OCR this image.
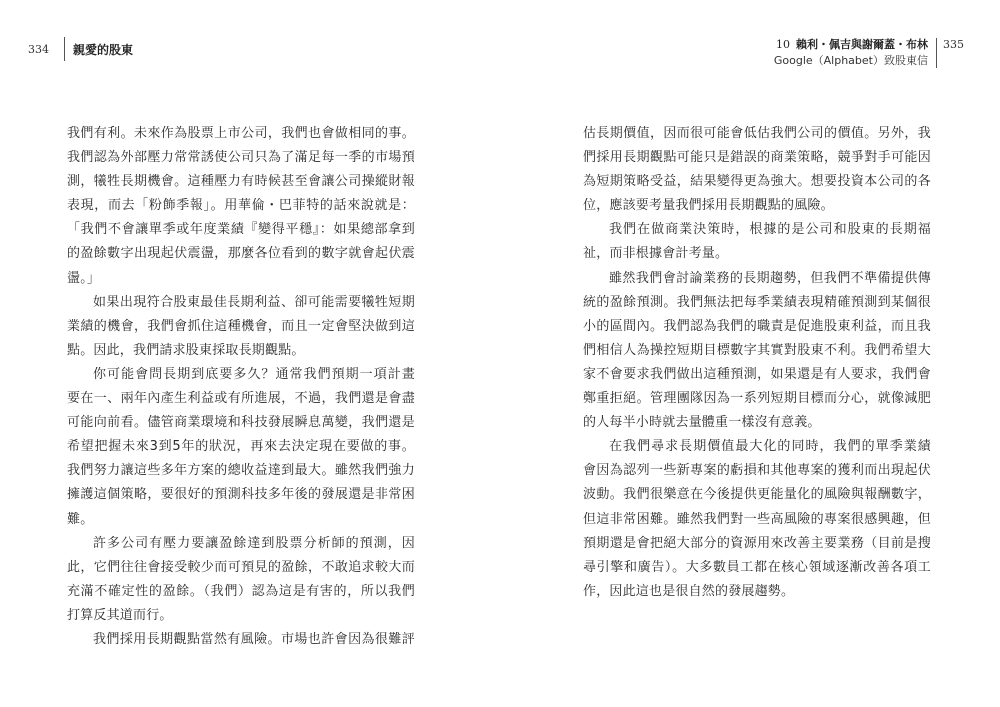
334	親愛的股東	10 賴利・佩吉與謝爾蓋・布林
Google（Alphabet）致股東信
335
我們有利。未來作為股票上市公司，我們也會做相同的事。
我們認為外部壓力常常誘使公司只為了滿足每一季的市場預
測，犧牲長期機會。這種壓力有時候甚至會讓公司操縱財報
表現，而去「粉飾季報」。用華倫・巴菲特的話來說就是：
「我們不會讓單季或年度業績『變得平穩』：如果總部拿到
的盈餘數字出現起伏震盪，那麼各位看到的數字就會起伏震
盪。」
如果出現符合股東最佳長期利益、卻可能需要犧牲短期
業績的機會，我們會抓住這種機會，而且一定會堅決做到這
點。因此，我們請求股東採取長期觀點。
你可能會問長期到底要多久？通常我們預期一項計畫
要在一、兩年內產生利益或有所進展，不過，我們還是會盡
可能向前看。儘管商業環境和科技發展瞬息萬變，我們還是
希望把握未來3到5年的狀況，再來去決定現在要做的事。
我們努力讓這些多年方案的總收益達到最大。雖然我們強力
擁護這個策略，要很好的預測科技多年後的發展還是非常困
難。
許多公司有壓力要讓盈餘達到股票分析師的預測，因
此，它們往往會接受較少而可預見的盈餘，不敢追求較大而
充滿不確定性的盈餘。（我們）認為這是有害的，所以我們
打算反其道而行。
我們採用長期觀點當然有風險。市場也許會因為很難評
估長期價值，因而很可能會低估我們公司的價值。另外，我
們採用長期觀點可能只是錯誤的商業策略，競爭對手可能因
為短期策略受益，結果變得更為強大。想要投資本公司的各
位，應該要考量我們採用長期觀點的風險。
我們在做商業決策時，根據的是公司和股東的長期福
祉，而非根據會計考量。
雖然我們會討論業務的長期趨勢，但我們不準備提供傳
統的盈餘預測。我們無法把每季業績表現精確預測到某個很
小的區間內。我們認為我們的職責是促進股東利益，而且我
們相信人為操控短期目標數字其實對股東不利。我們希望大
家不會要求我們做出這種預測，如果還是有人要求，我們會
鄭重拒絕。管理團隊因為一系列短期目標而分心，就像減肥
的人每半小時就去量體重一樣沒有意義。
在我們尋求長期價值最大化的同時，我們的單季業績
會因為認列一些新專案的虧損和其他專案的獲利而出現起伏
波動。我們很樂意在今後提供更能量化的風險與報酬數字，
但這非常困難。雖然我們對一些高風險的專案很感興趣，但
預期還是會把絕大部分的資源用來改善主要業務（目前是搜
尋引擎和廣告）。大多數員工都在核心領域逐漸改善各項工
作，因此這也是很自然的發展趨勢。
